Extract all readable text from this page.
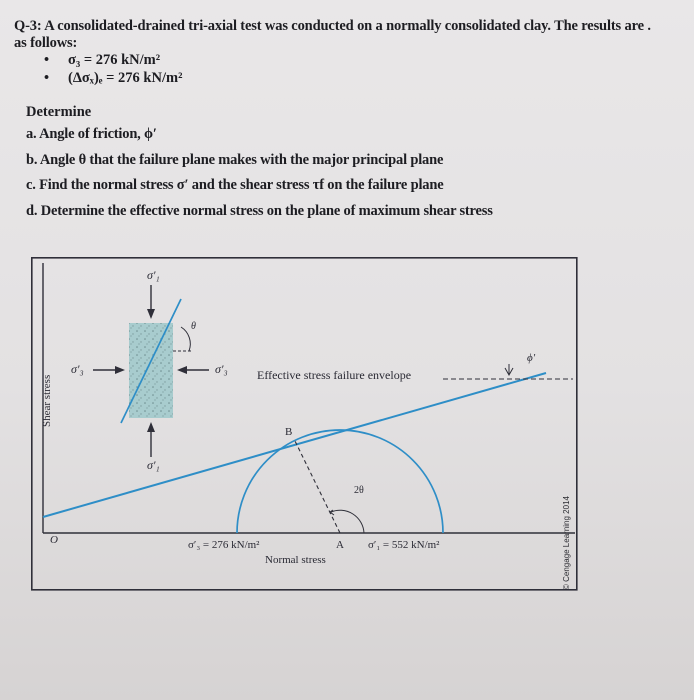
Q-3: A consolidated-drained tri-axial test was conducted on a normally consolidated clay. The results are .
as follows:
• σ₃ = 276 kN/m²
• (Δσₓ)ₑ = 276 kN/m²
Determine
a. Angle of friction, ϕ′
b. Angle θ that the failure plane makes with the major principal plane
c. Find the normal stress σ′ and the shear stress τf on the failure plane
d. Determine the effective normal stress on the plane of maximum shear stress
σ′₁
σ′₁
σ′₃	σ′₃
θ
Effective stress failure envelope
ϕ′
B
A
2θ
O	σ′₃ = 276 kN/m²	σ′₁ = 552 kN/m²
Normal stress
Shear stress
© Cengage Learning 2014
